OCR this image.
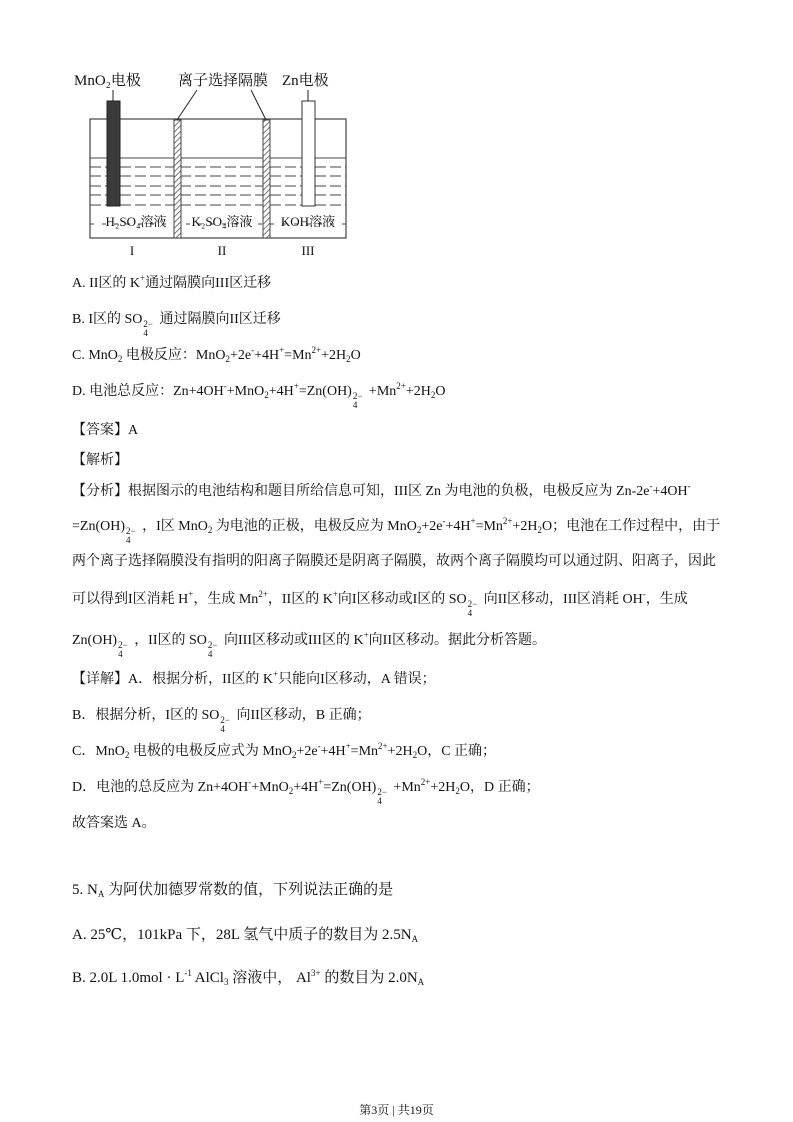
MnO₂电极 离子选择隔膜 Zn电极
H₂SO₄溶液 K₂SO₄溶液 KOH溶液
I	II	III
A. II区的 K+通过隔膜向III区迁移
B. I区的 SO 2−
4
通过隔膜向II区迁移
C. MnO$_2$ 电极反应：$MnO_2+2e^-+4H^+=Mn^{2+}+2H_2O$
D. 电池总反应：Zn+4OH-+MnO$_2$+4H+=Zn(OH) 2−
4
$+Mn^{2+}+2H_2O$
【答案】A
【解析】
【分析】根据图示的电池结构和题目所给信息可知，III区 Zn 为电池的负极，电极反应为 Zn-2e-+4OH-
=Zn(OH) 2−
4
，I区 MnO$_2$ 为电池的正极，电极反应为 $MnO_2+2e^-+4H^+=Mn^{2+}+2H_2O$；电池在工作过程中，由于
两个离子选择隔膜没有指明的阳离子隔膜还是阴离子隔膜，故两个离子隔膜均可以通过阴、阳离子，因此
可以得到I区消耗 H+，生成 $Mn^{2+}$，II区的 K+向I区移动或I区的 SO 2−
4
向II区移动，III区消耗 OH-，生成
Zn(OH) 2−
4
，II区的 SO 2−
4
向III区移动或III区的 K+向II区移动。据此分析答题。
【详解】A．根据分析，II区的 K+只能向I区移动，A 错误；
B．根据分析，I区的 SO 2−
4
向II区移动，B 正确；
C．MnO$_2$ 电极的电极反应式为 $MnO_2+2e^-+4H^+=Mn^{2+}+2H_2O$，C 正确；
D．电池的总反应为 Zn+4OH-+MnO$_2$+4H+=Zn(OH) 2−
4
$+Mn^{2+}+2H_2O$，D 正确；
故答案选 A。
5. $N_A$ 为阿伏加德罗常数的值，下列说法正确的是
A. 25℃，101kPa 下，28L 氢气中质子的数目为 $2.5N_A$
B. 2.0L $1.0mol \cdot L^{-1}$ AlCl$_3$ 溶液中， $Al^{3+}$ 的数目为 $2.0N_A$
第3页 | 共19页
